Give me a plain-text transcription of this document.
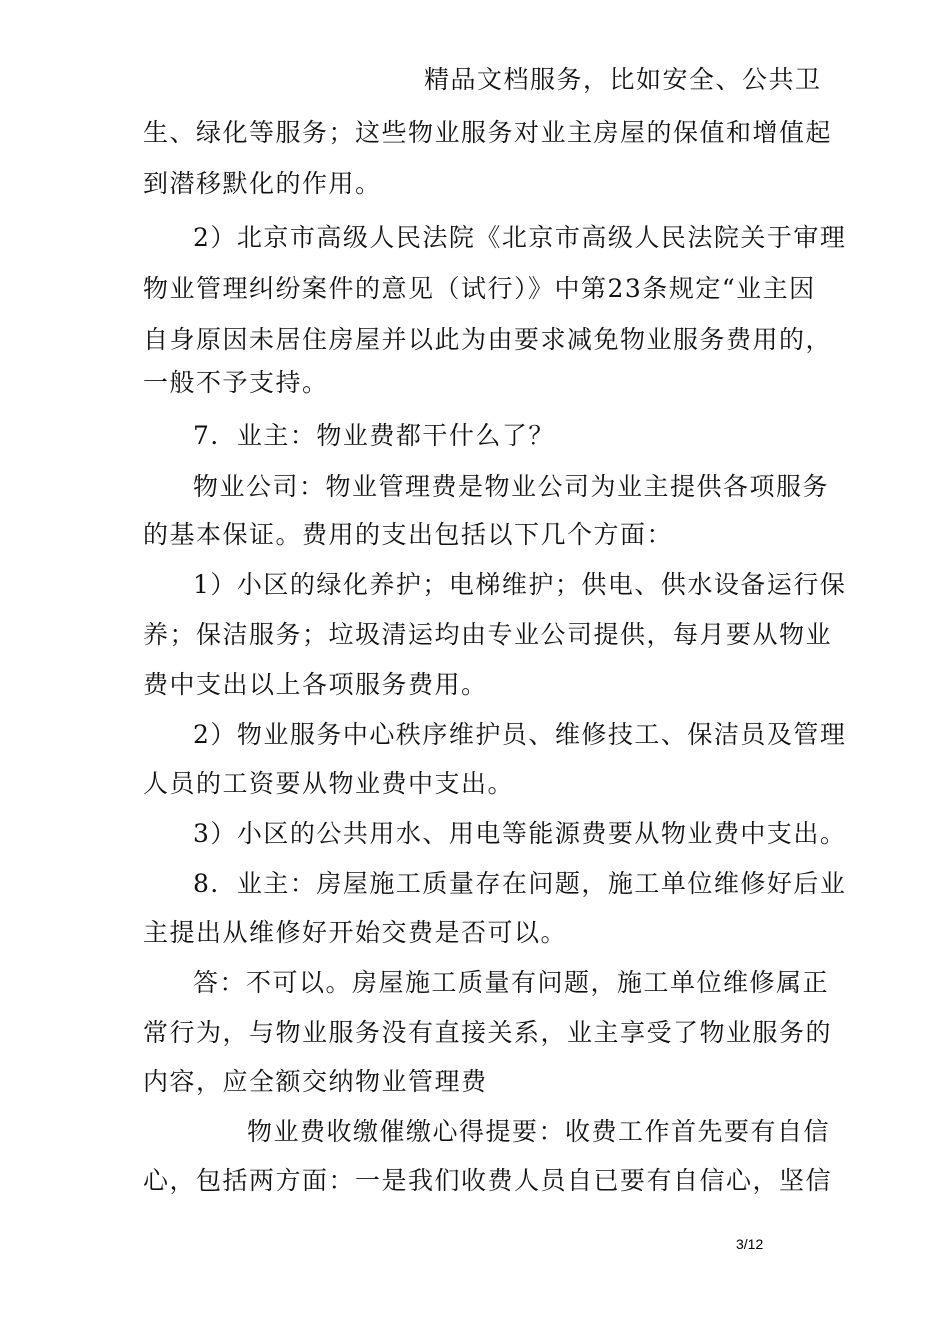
精品文档服务，比如安全、公共卫
生、绿化等服务；这些物业服务对业主房屋的保值和增值起
到潜移默化的作用。
2）北京市高级人民法院《北京市高级人民法院关于审理
物业管理纠纷案件的意见（试行）》中第23条规定“业主因
自身原因未居住房屋并以此为由要求减免物业服务费用的，
一般不予支持。
7．业主：物业费都干什么了？
物业公司：物业管理费是物业公司为业主提供各项服务
的基本保证。费用的支出包括以下几个方面：
1）小区的绿化养护；电梯维护；供电、供水设备运行保
养；保洁服务；垃圾清运均由专业公司提供，每月要从物业
费中支出以上各项服务费用。
2）物业服务中心秩序维护员、维修技工、保洁员及管理
人员的工资要从物业费中支出。
3）小区的公共用水、用电等能源费要从物业费中支出。
8．业主：房屋施工质量存在问题，施工单位维修好后业
主提出从维修好开始交费是否可以。
答：不可以。房屋施工质量有问题，施工单位维修属正
常行为，与物业服务没有直接关系，业主享受了物业服务的
内容，应全额交纳物业管理费
物业费收缴催缴心得提要：收费工作首先要有自信
心，包括两方面：一是我们收费人员自已要有自信心，坚信
3/12
